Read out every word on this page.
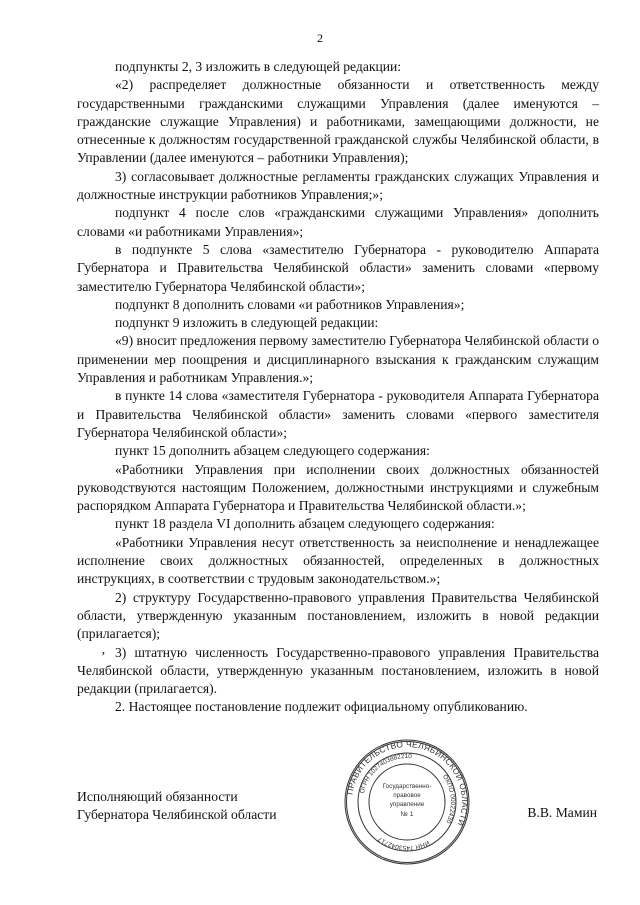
2

подпункты 2, 3 изложить в следующей редакции:

«2) распределяет должностные обязанности и ответственность между государственными гражданскими служащими Управления (далее именуются – гражданские служащие Управления) и работниками, замещающими должности, не отнесенные к должностям государственной гражданской службы Челябинской области, в Управлении (далее именуются – работники Управления);

3) согласовывает должностные регламенты гражданских служащих Управления и должностные инструкции работников Управления;»;

подпункт 4 после слов «гражданскими служащими Управления» дополнить словами «и работниками Управления»;

в подпункте 5 слова «заместителю Губернатора - руководителю Аппарата Губернатора и Правительства Челябинской области» заменить словами «первому заместителю Губернатора Челябинской области»;

подпункт 8 дополнить словами «и работников Управления»;

подпункт 9 изложить в следующей редакции:

«9) вносит предложения первому заместителю Губернатора Челябинской области о применении мер поощрения и дисциплинарного взыскания к гражданским служащим Управления и работникам Управления.»;

в пункте 14 слова «заместителя Губернатора - руководителя Аппарата Губернатора и Правительства Челябинской области» заменить словами «первого заместителя Губернатора Челябинской области»;

пункт 15 дополнить абзацем следующего содержания:

«Работники Управления при исполнении своих должностных обязанностей руководствуются настоящим Положением, должностными инструкциями и служебным распорядком Аппарата Губернатора и Правительства Челябинской области.»;

пункт 18 раздела VI дополнить абзацем следующего содержания:

«Работники Управления несут ответственность за неисполнение и ненадлежащее исполнение своих должностных обязанностей, определенных в должностных инструкциях, в соответствии с трудовым законодательством.»;

2) структуру Государственно-правового управления Правительства Челябинской области, утвержденную указанным постановлением, изложить в новой редакции (прилагается);

3) штатную численность Государственно-правового управления Правительства Челябинской области, утвержденную указанным постановлением, изложить в новой редакции (прилагается).

2. Настоящее постановление подлежит официальному опубликованию.

ʼ
Исполняющий обязанности
Губернатора Челябинской области	В.В. Мамин
ПРАВИТЕЛЬСТВО ЧЕЛЯБИНСКОЙ ОБЛАСТИ
ОГРН 1027403882210
ОКПО 00022430
ИНН 7453042717
Государственно-
правовое
управление
№ 1
